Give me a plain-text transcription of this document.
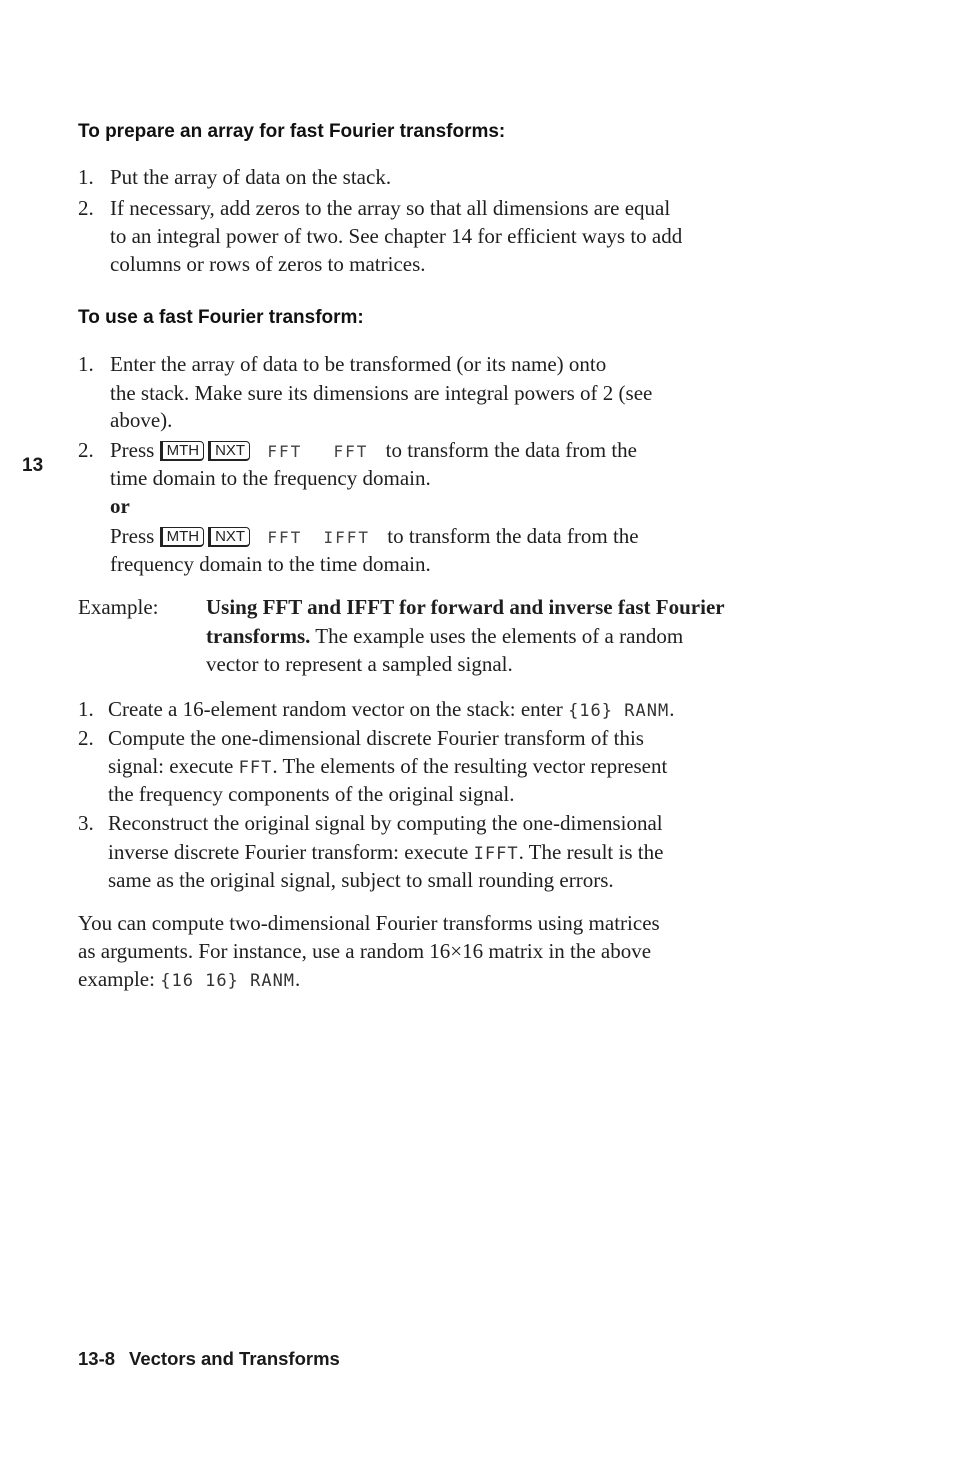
To prepare an array for fast Fourier transforms:
1. Put the array of data on the stack.
2. If necessary, add zeros to the array so that all dimensions are equal
to an integral power of two. See chapter 14 for efficient ways to add
columns or rows of zeros to matrices.
To use a fast Fourier transform:
1. Enter the array of data to be transformed (or its name) onto
the stack. Make sure its dimensions are integral powers of 2 (see
above).
13
2. Press MTH NXT FFT FFT to transform the data from the
time domain to the frequency domain.
or
Press MTH NXT FFT IFFT to transform the data from the
frequency domain to the time domain.
Example: Using FFT and IFFT for forward and inverse fast Fourier
transforms. The example uses the elements of a random
vector to represent a sampled signal.
1. Create a 16-element random vector on the stack: enter {16} RANM.
2. Compute the one-dimensional discrete Fourier transform of this
signal: execute FFT. The elements of the resulting vector represent
the frequency components of the original signal.
3. Reconstruct the original signal by computing the one-dimensional
inverse discrete Fourier transform: execute IFFT. The result is the
same as the original signal, subject to small rounding errors.
You can compute two-dimensional Fourier transforms using matrices
as arguments. For instance, use a random 16×16 matrix in the above
example: {16 16} RANM.
13-8 Vectors and Transforms
